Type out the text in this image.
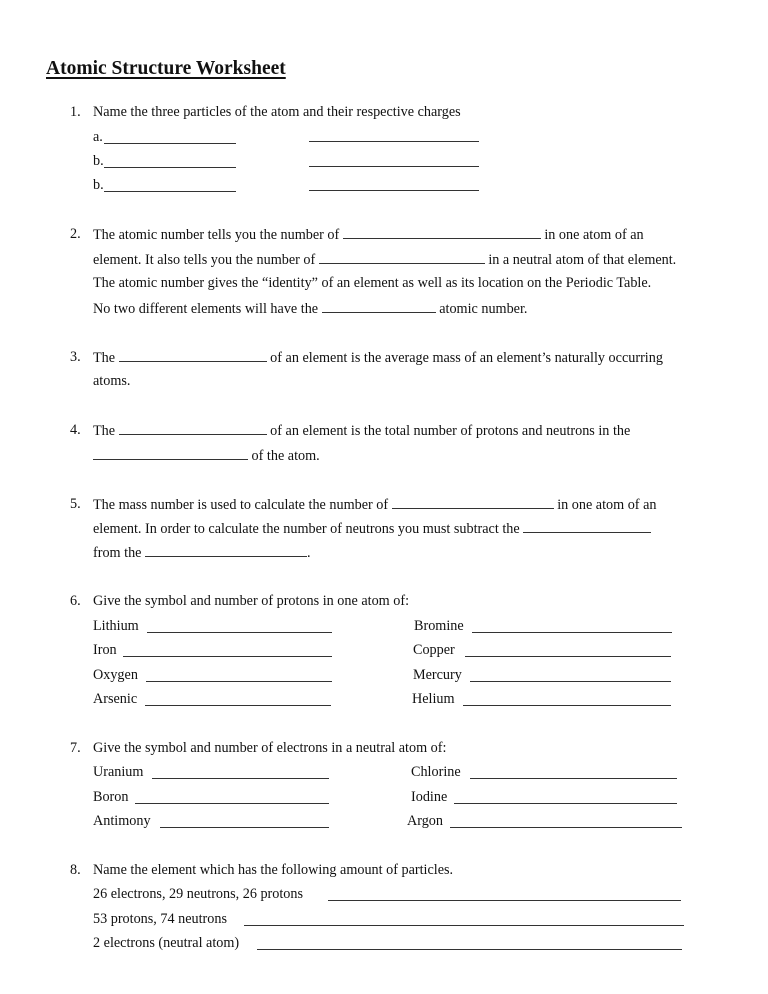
Atomic Structure Worksheet
1. Name the three particles of the atom and their respective charges
a.
b.
b.
2. The atomic number tells you the number of	in one atom of an
element. It also tells you the number of	in a neutral atom of that element.
The atomic number gives the “identity” of an element as well as its location on the Periodic Table.
No two different elements will have the	atomic number.
3. The	of an element is the average mass of an element’s naturally occurring
atoms.
4. The	of an element is the total number of protons and neutrons in the
of the atom.
5. The mass number is used to calculate the number of	in one atom of an
element. In order to calculate the number of neutrons you must subtract the
from the	.
6. Give the symbol and number of protons in one atom of:
Lithium	Bromine
Iron	Copper
Oxygen	Mercury
Arsenic	Helium
7. Give the symbol and number of electrons in a neutral atom of:
Uranium	Chlorine
Boron	Iodine
Antimony	Argon
8. Name the element which has the following amount of particles.
26 electrons, 29 neutrons, 26 protons
53 protons, 74 neutrons
2 electrons (neutral atom)
